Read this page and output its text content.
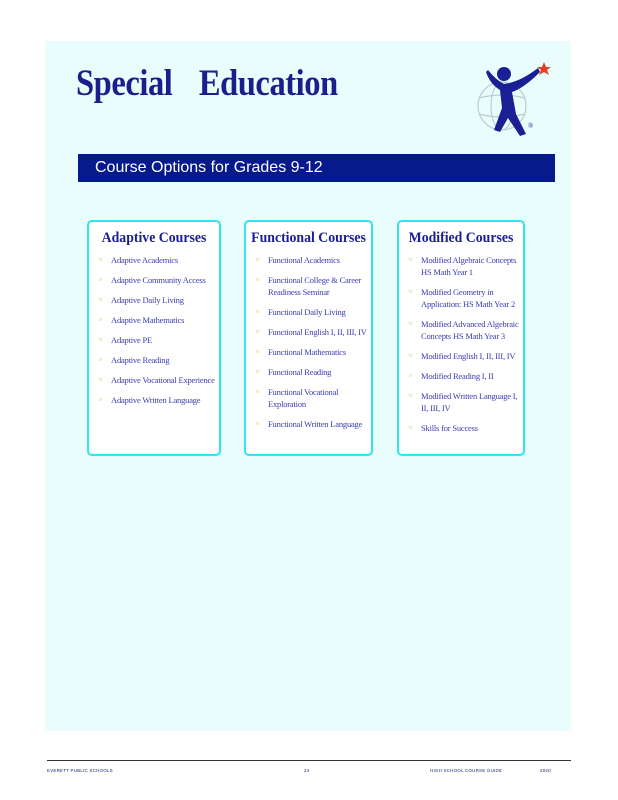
Special Education
®
Course Options for Grades 9-12
Adaptive Courses
▫ Adaptive Academics
▫ Adaptive Community Access
▫ Adaptive Daily Living
▫ Adaptive Mathematics
▫ Adaptive PE
▫ Adaptive Reading
▫ Adaptive Vocational Experience
▫ Adaptive Written Language
Functional Courses
▫ Functional Academics
▫ Functional College & Career Readiness Seminar
▫ Functional Daily Living
▫ Functional English I, II, III, IV
▫ Functional Mathematics
▫ Functional Reading
▫ Functional Vocational Exploration
▫ Functional Written Language
Modified Courses
▫ Modified Algebraic Concepts HS Math Year 1
▫ Modified Geometry in Application: HS Math Year 2
▫ Modified Advanced Algebraic Concepts HS Math Year 3
▫ Modified English I, II, III, IV
▫ Modified Reading I, II
▫ Modified Written Language I, II, III, IV
▫ Skills for Success
EVERETT PUBLIC SCHOOLS	24	HIGH SCHOOL COURSE GUIDE	2020
